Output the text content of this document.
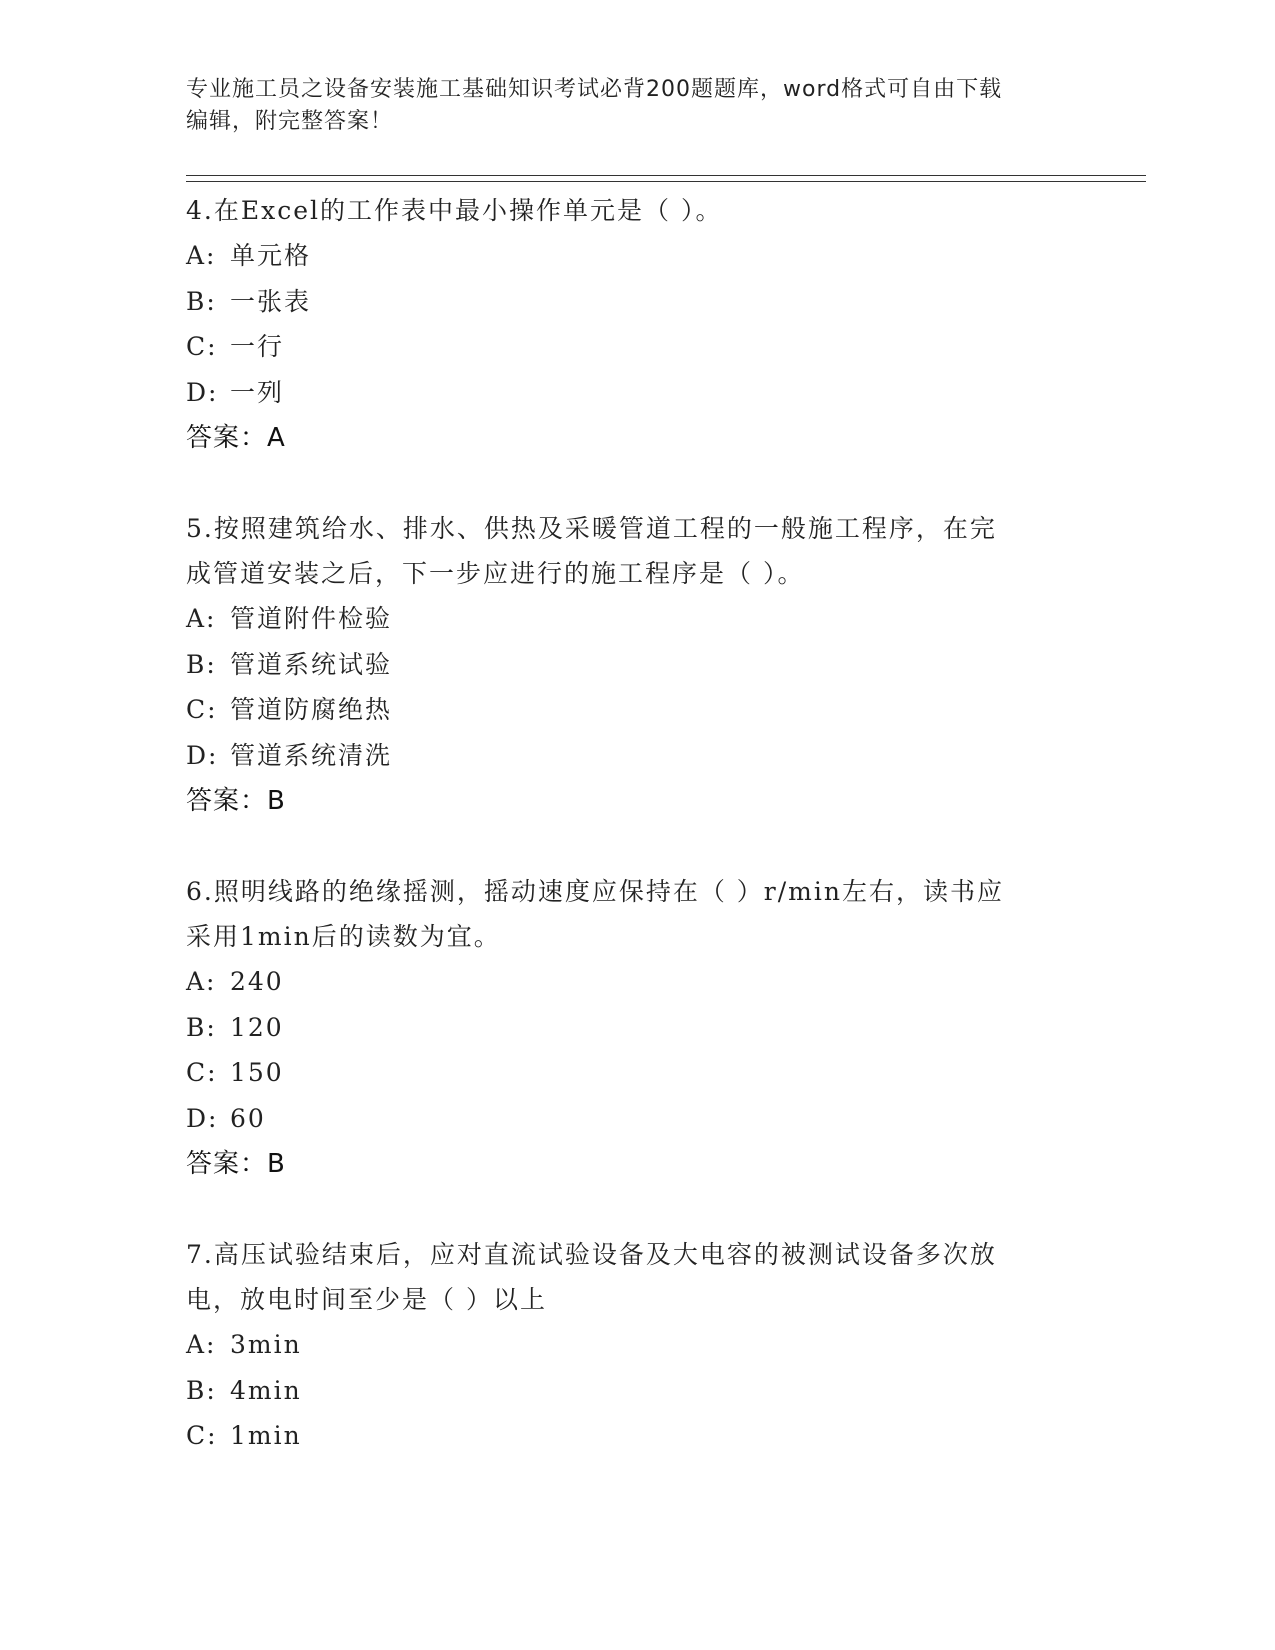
专业施工员之设备安装施工基础知识考试必背200题题库，word格式可自由下载
编辑，附完整答案！
4.在Excel的工作表中最小操作单元是（ ）。
A: 单元格
B: 一张表
C: 一行
D: 一列
答案：A
5.按照建筑给水、排水、供热及采暖管道工程的一般施工程序，在完
成管道安装之后，下一步应进行的施工程序是（ ）。
A: 管道附件检验
B: 管道系统试验
C: 管道防腐绝热
D: 管道系统清洗
答案：B
6.照明线路的绝缘摇测，摇动速度应保持在（ ）r/min左右，读书应
采用1min后的读数为宜。
A: 240
B: 120
C: 150
D: 60
答案：B
7.高压试验结束后，应对直流试验设备及大电容的被测试设备多次放
电，放电时间至少是（ ）以上
A: 3min
B: 4min
C: 1min
